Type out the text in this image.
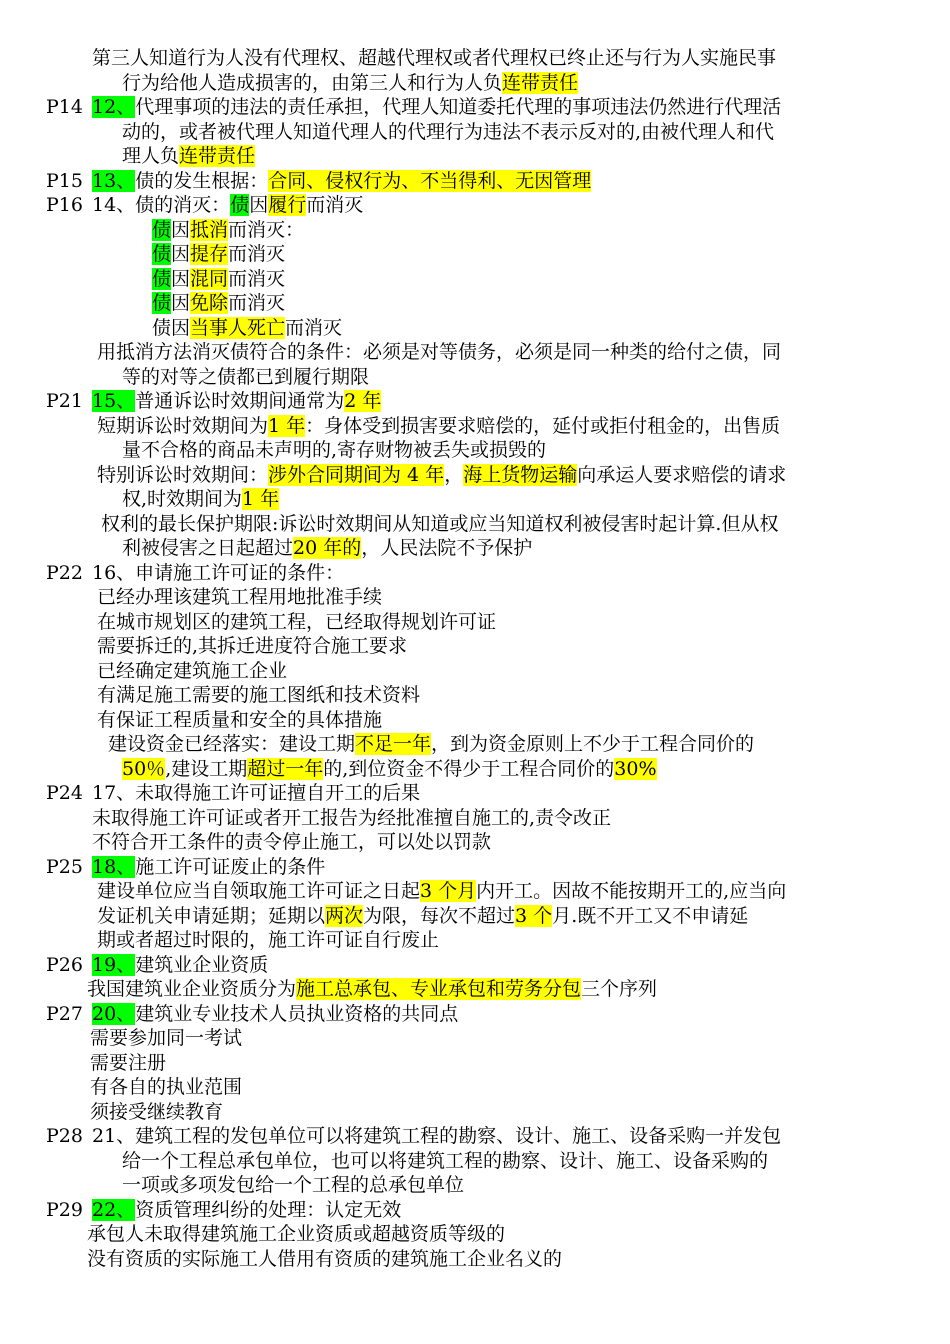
第三人知道行为人没有代理权、超越代理权或者代理权已终止还与行为人实施民事
行为给他人造成损害的，由第三人和行为人负连带责任
P14 12、代理事项的违法的责任承担，代理人知道委托代理的事项违法仍然进行代理活
动的，或者被代理人知道代理人的代理行为违法不表示反对的,由被代理人和代
理人负连带责任
P15 13、债的发生根据：合同、侵权行为、不当得利、无因管理
P16 14、债的消灭：债因履行而消灭
债因抵消而消灭：
债因提存而消灭
债因混同而消灭
债因免除而消灭
债因当事人死亡而消灭
用抵消方法消灭债符合的条件：必须是对等债务，必须是同一种类的给付之债，同
等的对等之债都已到履行期限
P21 15、普通诉讼时效期间通常为2 年
短期诉讼时效期间为1 年：身体受到损害要求赔偿的，延付或拒付租金的，出售质
量不合格的商品未声明的,寄存财物被丢失或损毁的
特别诉讼时效期间：涉外合同期间为 4 年，海上货物运输向承运人要求赔偿的请求
权,时效期间为1 年
权利的最长保护期限:诉讼时效期间从知道或应当知道权利被侵害时起计算.但从权
利被侵害之日起超过20 年的，人民法院不予保护
P22 16、申请施工许可证的条件：
已经办理该建筑工程用地批准手续
在城市规划区的建筑工程，已经取得规划许可证
需要拆迁的,其拆迁进度符合施工要求
已经确定建筑施工企业
有满足施工需要的施工图纸和技术资料
有保证工程质量和安全的具体措施
建设资金已经落实：建设工期不足一年，到为资金原则上不少于工程合同价的
50％,建设工期超过一年的,到位资金不得少于工程合同价的30%
P24 17、未取得施工许可证擅自开工的后果
未取得施工许可证或者开工报告为经批准擅自施工的,责令改正
不符合开工条件的责令停止施工，可以处以罚款
P25 18、施工许可证废止的条件
建设单位应当自领取施工许可证之日起3 个月内开工。因故不能按期开工的,应当向
发证机关申请延期；延期以两次为限，每次不超过3 个月.既不开工又不申请延
期或者超过时限的，施工许可证自行废止
P26 19、建筑业企业资质
我国建筑业企业资质分为施工总承包、专业承包和劳务分包三个序列
P27 20、建筑业专业技术人员执业资格的共同点
需要参加同一考试
需要注册
有各自的执业范围
须接受继续教育
P28 21、建筑工程的发包单位可以将建筑工程的勘察、设计、施工、设备采购一并发包
给一个工程总承包单位，也可以将建筑工程的勘察、设计、施工、设备采购的
一项或多项发包给一个工程的总承包单位
P29 22、资质管理纠纷的处理：认定无效
承包人未取得建筑施工企业资质或超越资质等级的
没有资质的实际施工人借用有资质的建筑施工企业名义的
